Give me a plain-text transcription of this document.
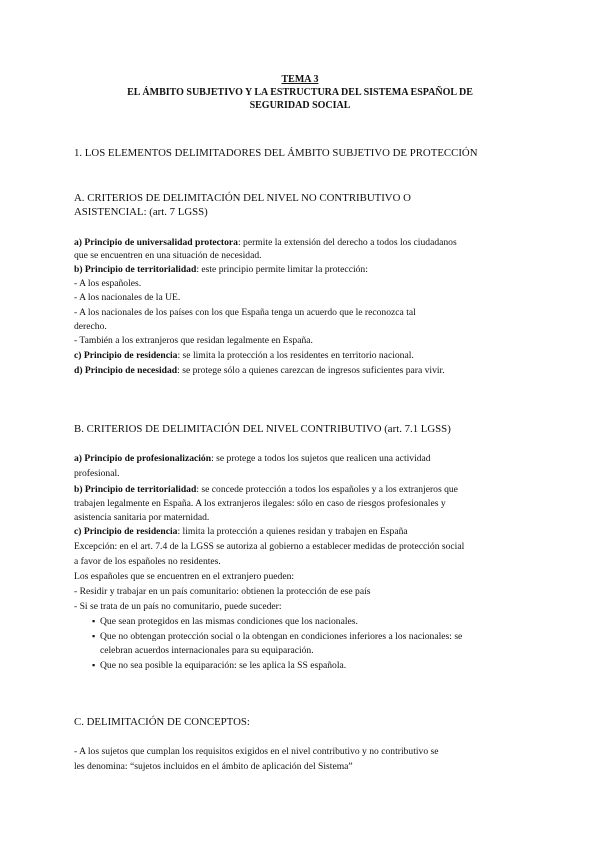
TEMA 3
EL ÁMBITO SUBJETIVO Y LA ESTRUCTURA DEL SISTEMA ESPAÑOL DE
SEGURIDAD SOCIAL
1. LOS ELEMENTOS DELIMITADORES DEL ÁMBITO SUBJETIVO DE PROTECCIÓN
A. CRITERIOS DE DELIMITACIÓN DEL NIVEL NO CONTRIBUTIVO O
ASISTENCIAL: (art. 7 LGSS)
a) Principio de universalidad protectora: permite la extensión del derecho a todos los ciudadanos
que se encuentren en una situación de necesidad.
b) Principio de territorialidad: este principio permite limitar la protección:
- A los españoles.
- A los nacionales de la UE.
- A los nacionales de los países con los que España tenga un acuerdo que le reconozca tal
derecho.
- También a los extranjeros que residan legalmente en España.
c) Principio de residencia: se limita la protección a los residentes en territorio nacional.
d) Principio de necesidad: se protege sólo a quienes carezcan de ingresos suficientes para vivir.
B. CRITERIOS DE DELIMITACIÓN DEL NIVEL CONTRIBUTIVO (art. 7.1 LGSS)
a) Principio de profesionalización: se protege a todos los sujetos que realicen una actividad
profesional.
b) Principio de territorialidad: se concede protección a todos los españoles y a los extranjeros que
trabajen legalmente en España. A los extranjeros ilegales: sólo en caso de riesgos profesionales y
asistencia sanitaria por maternidad.
c) Principio de residencia: limita la protección a quienes residan y trabajen en España
Excepción: en el art. 7.4 de la LGSS se autoriza al gobierno a establecer medidas de protección social
a favor de los españoles no residentes.
Los españoles que se encuentren en el extranjero pueden:
- Residir y trabajar en un país comunitario: obtienen la protección de ese país
- Si se trata de un país no comunitario, puede suceder:
▪ Que sean protegidos en las mismas condiciones que los nacionales.
▪ Que no obtengan protección social o la obtengan en condiciones inferiores a los nacionales: se
celebran acuerdos internacionales para su equiparación.
▪ Que no sea posible la equiparación: se les aplica la SS española.
C. DELIMITACIÓN DE CONCEPTOS:
- A los sujetos que cumplan los requisitos exigidos en el nivel contributivo y no contributivo se
les denomina: “sujetos incluidos en el ámbito de aplicación del Sistema”
